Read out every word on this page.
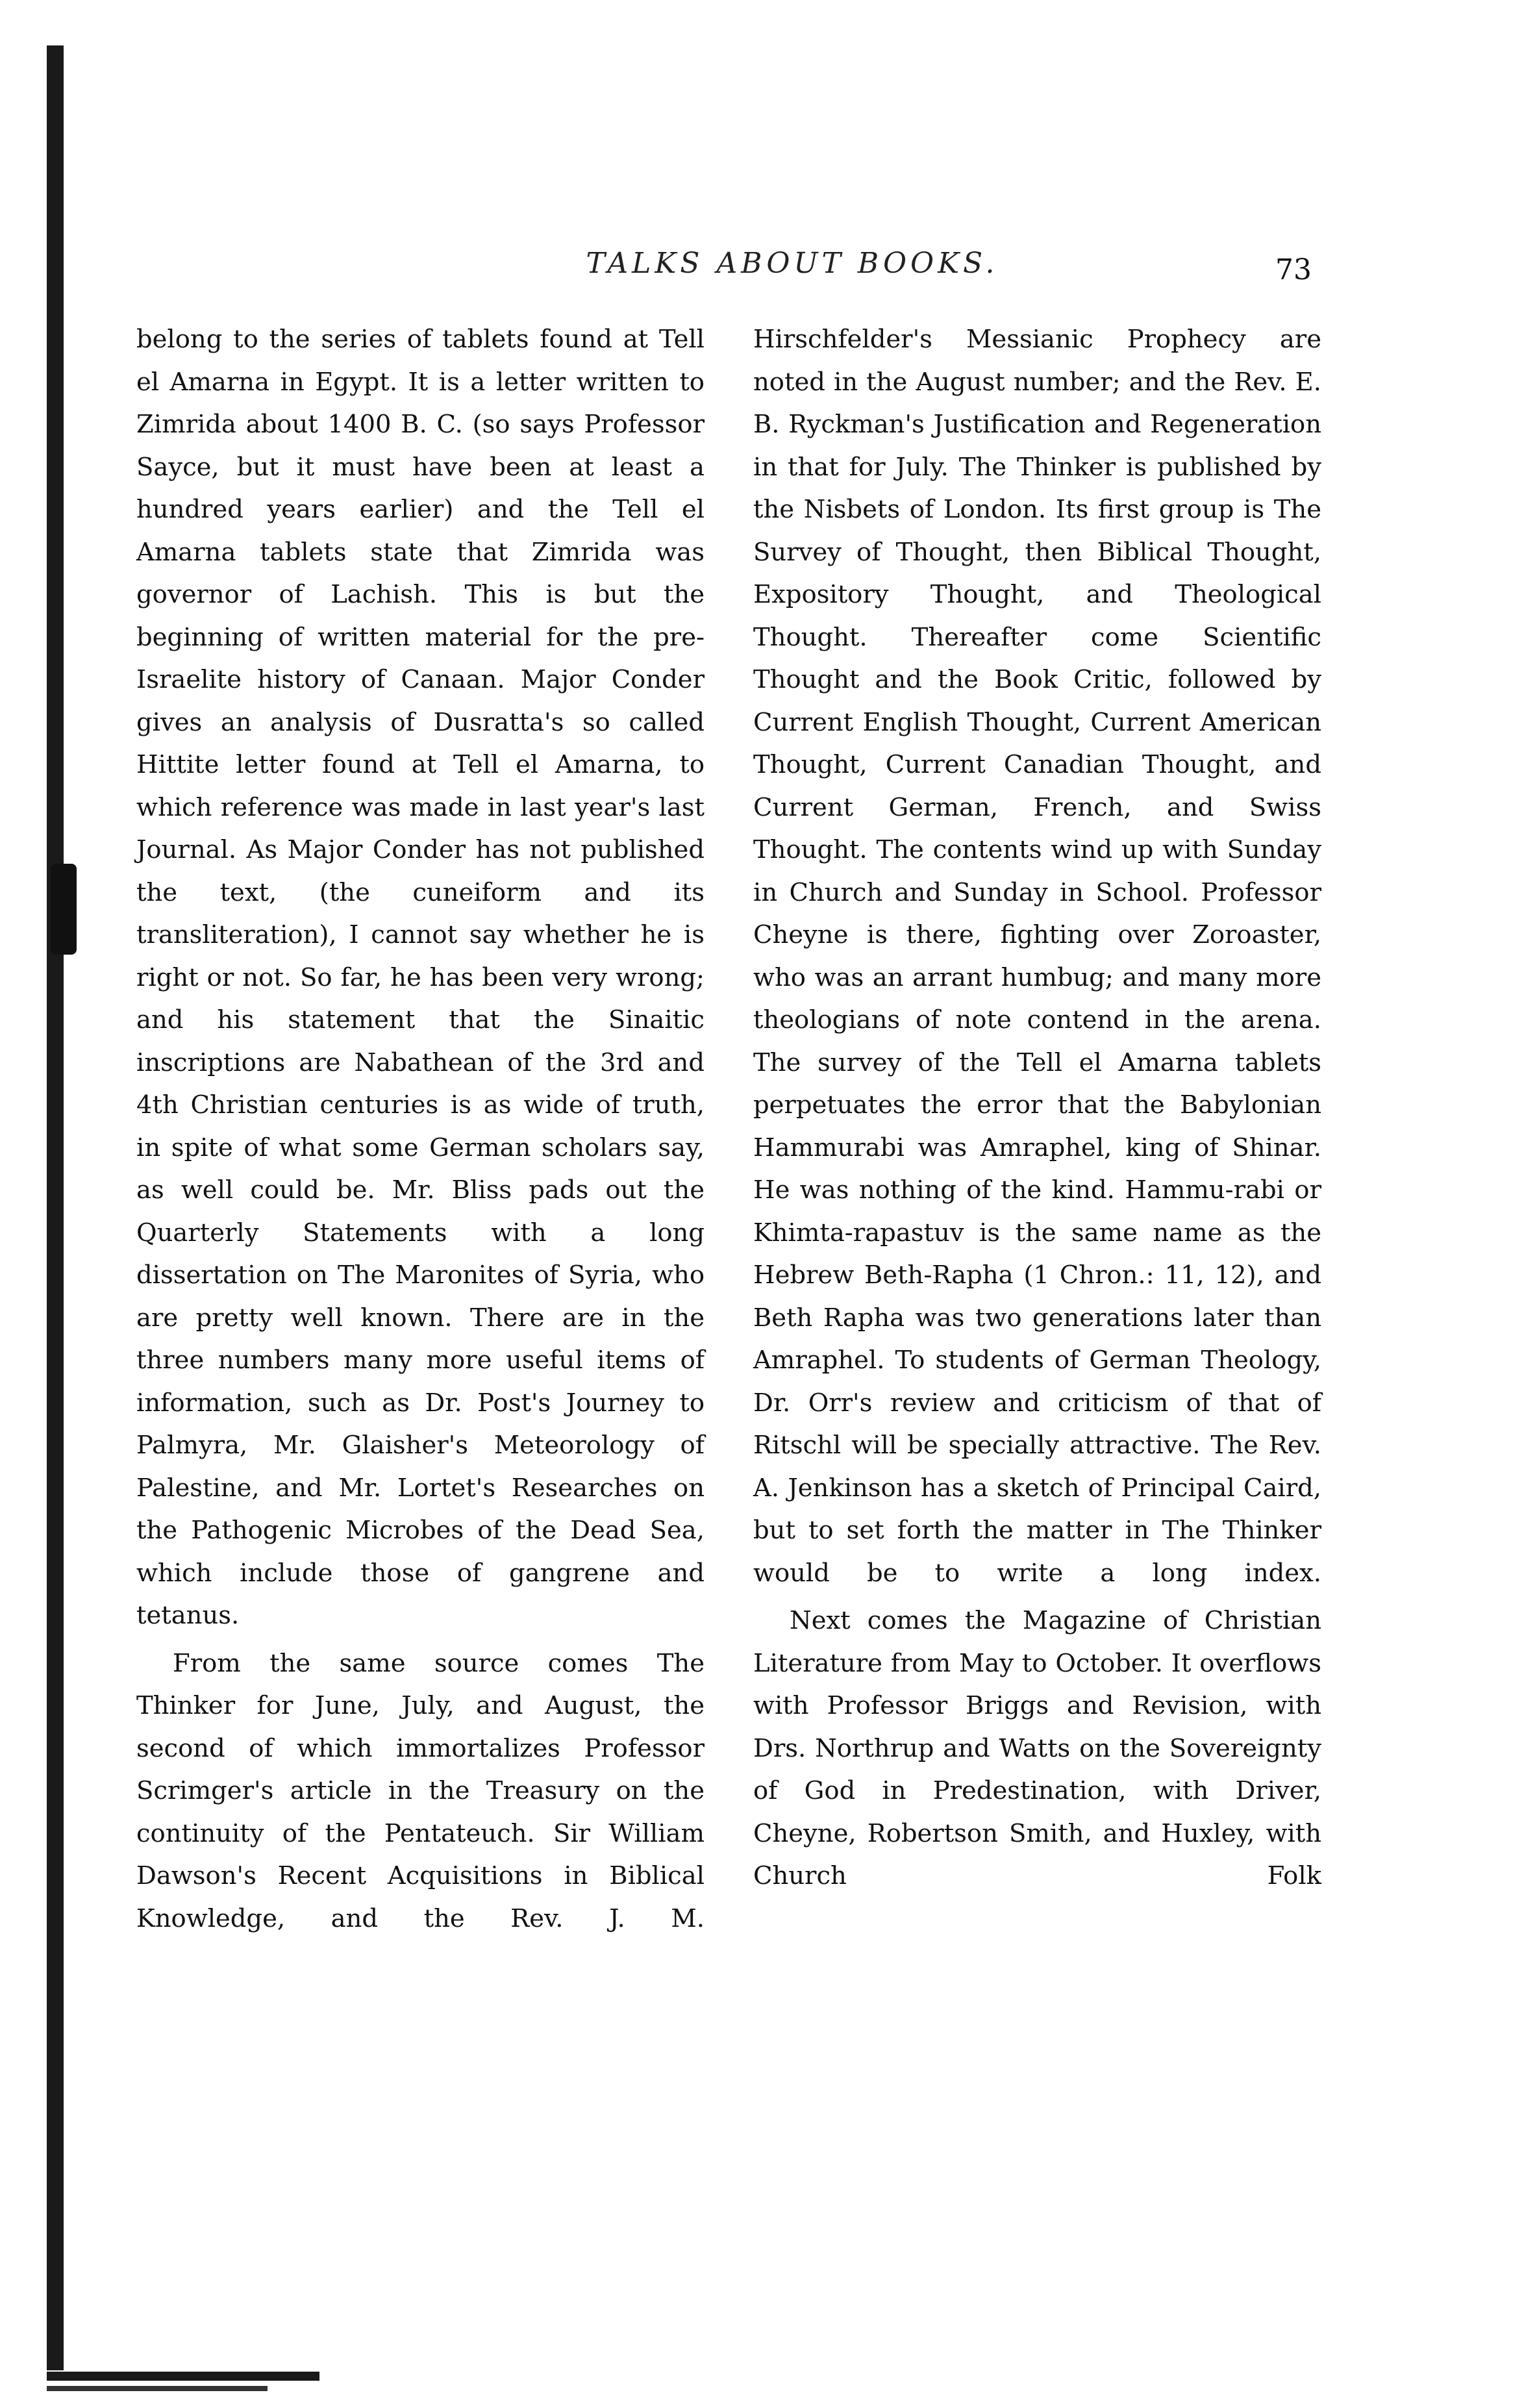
TALKS ABOUT BOOKS.	73

belong to the series of tablets found at Tell el Amarna in Egypt. It is a letter written to Zimrida about 1400 B. C. (so says Professor Sayce, but it must have been at least a hundred years earlier) and the Tell el Amarna tablets state that Zimrida was governor of Lachish. This is but the beginning of written material for the pre-Israelite history of Canaan. Major Conder gives an analysis of Dusratta's so called Hittite letter found at Tell el Amarna, to which reference was made in last year's last Journal. As Major Conder has not published the text, (the cuneiform and its transliteration), I cannot say whether he is right or not. So far, he has been very wrong; and his statement that the Sinaitic inscriptions are Nabathean of the 3rd and 4th Christian centuries is as wide of truth, in spite of what some German scholars say, as well could be. Mr. Bliss pads out the Quarterly Statements with a long dissertation on The Maronites of Syria, who are pretty well known. There are in the three numbers many more useful items of information, such as Dr. Post's Journey to Palmyra, Mr. Glaisher's Meteorology of Palestine, and Mr. Lortet's Researches on the Pathogenic Microbes of the Dead Sea, which include those of gangrene and tetanus.

From the same source comes The Thinker for June, July, and August, the second of which immortalizes Professor Scrimger's article in the Treasury on the continuity of the Pentateuch. Sir William Dawson's Recent Acquisitions in Biblical Knowledge, and the Rev. J. M.

Hirschfelder's Messianic Prophecy are noted in the August number; and the Rev. E. B. Ryckman's Justification and Regeneration in that for July. The Thinker is published by the Nisbets of London. Its first group is The Survey of Thought, then Biblical Thought, Expository Thought, and Theological Thought. Thereafter come Scientific Thought and the Book Critic, followed by Current English Thought, Current American Thought, Current Canadian Thought, and Current German, French, and Swiss Thought. The contents wind up with Sunday in Church and Sunday in School. Professor Cheyne is there, fighting over Zoroaster, who was an arrant humbug; and many more theologians of note contend in the arena. The survey of the Tell el Amarna tablets perpetuates the error that the Babylonian Hammurabi was Amraphel, king of Shinar. He was nothing of the kind. Hammu-rabi or Khimta-rapastuv is the same name as the Hebrew Beth-Rapha (1 Chron.: 11, 12), and Beth Rapha was two generations later than Amraphel. To students of German Theology, Dr. Orr's review and criticism of that of Ritschl will be specially attractive. The Rev. A. Jenkinson has a sketch of Principal Caird, but to set forth the matter in The Thinker would be to write a long index.

Next comes the Magazine of Christian Literature from May to October. It overflows with Professor Briggs and Revision, with Drs. Northrup and Watts on the Sovereignty of God in Predestination, with Driver, Cheyne, Robertson Smith, and Huxley, with Church Folk
